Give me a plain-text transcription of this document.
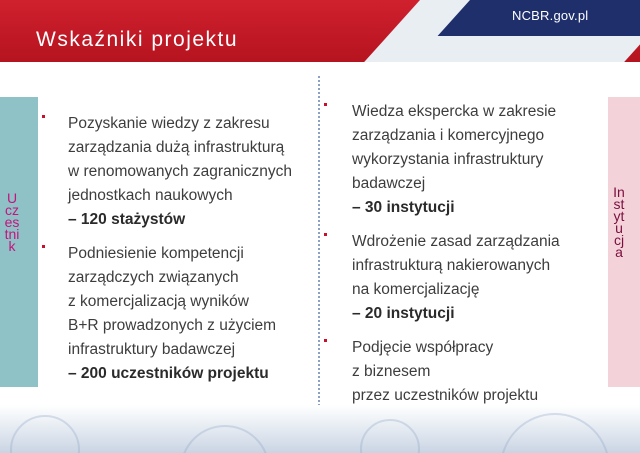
Wskaźniki projektu
NCBR.gov.pl
Uczestnik
Instytucja
Pozyskanie wiedzy z zakresu
zarządzania dużą infrastrukturą
w renomowanych zagranicznych
jednostkach naukowych
– 120 stażystów
Podniesienie kompetencji
zarządczych związanych
z komercjalizacją wyników
B+R prowadzonych z użyciem
infrastruktury badawczej
– 200 uczestników projektu
Wiedza ekspercka w zakresie
zarządzania i komercyjnego
wykorzystania infrastruktury
badawczej
– 30 instytucji
Wdrożenie zasad zarządzania
infrastrukturą nakierowanych
na komercjalizację
– 20 instytucji
Podjęcie współpracy
z biznesem
przez uczestników projektu
